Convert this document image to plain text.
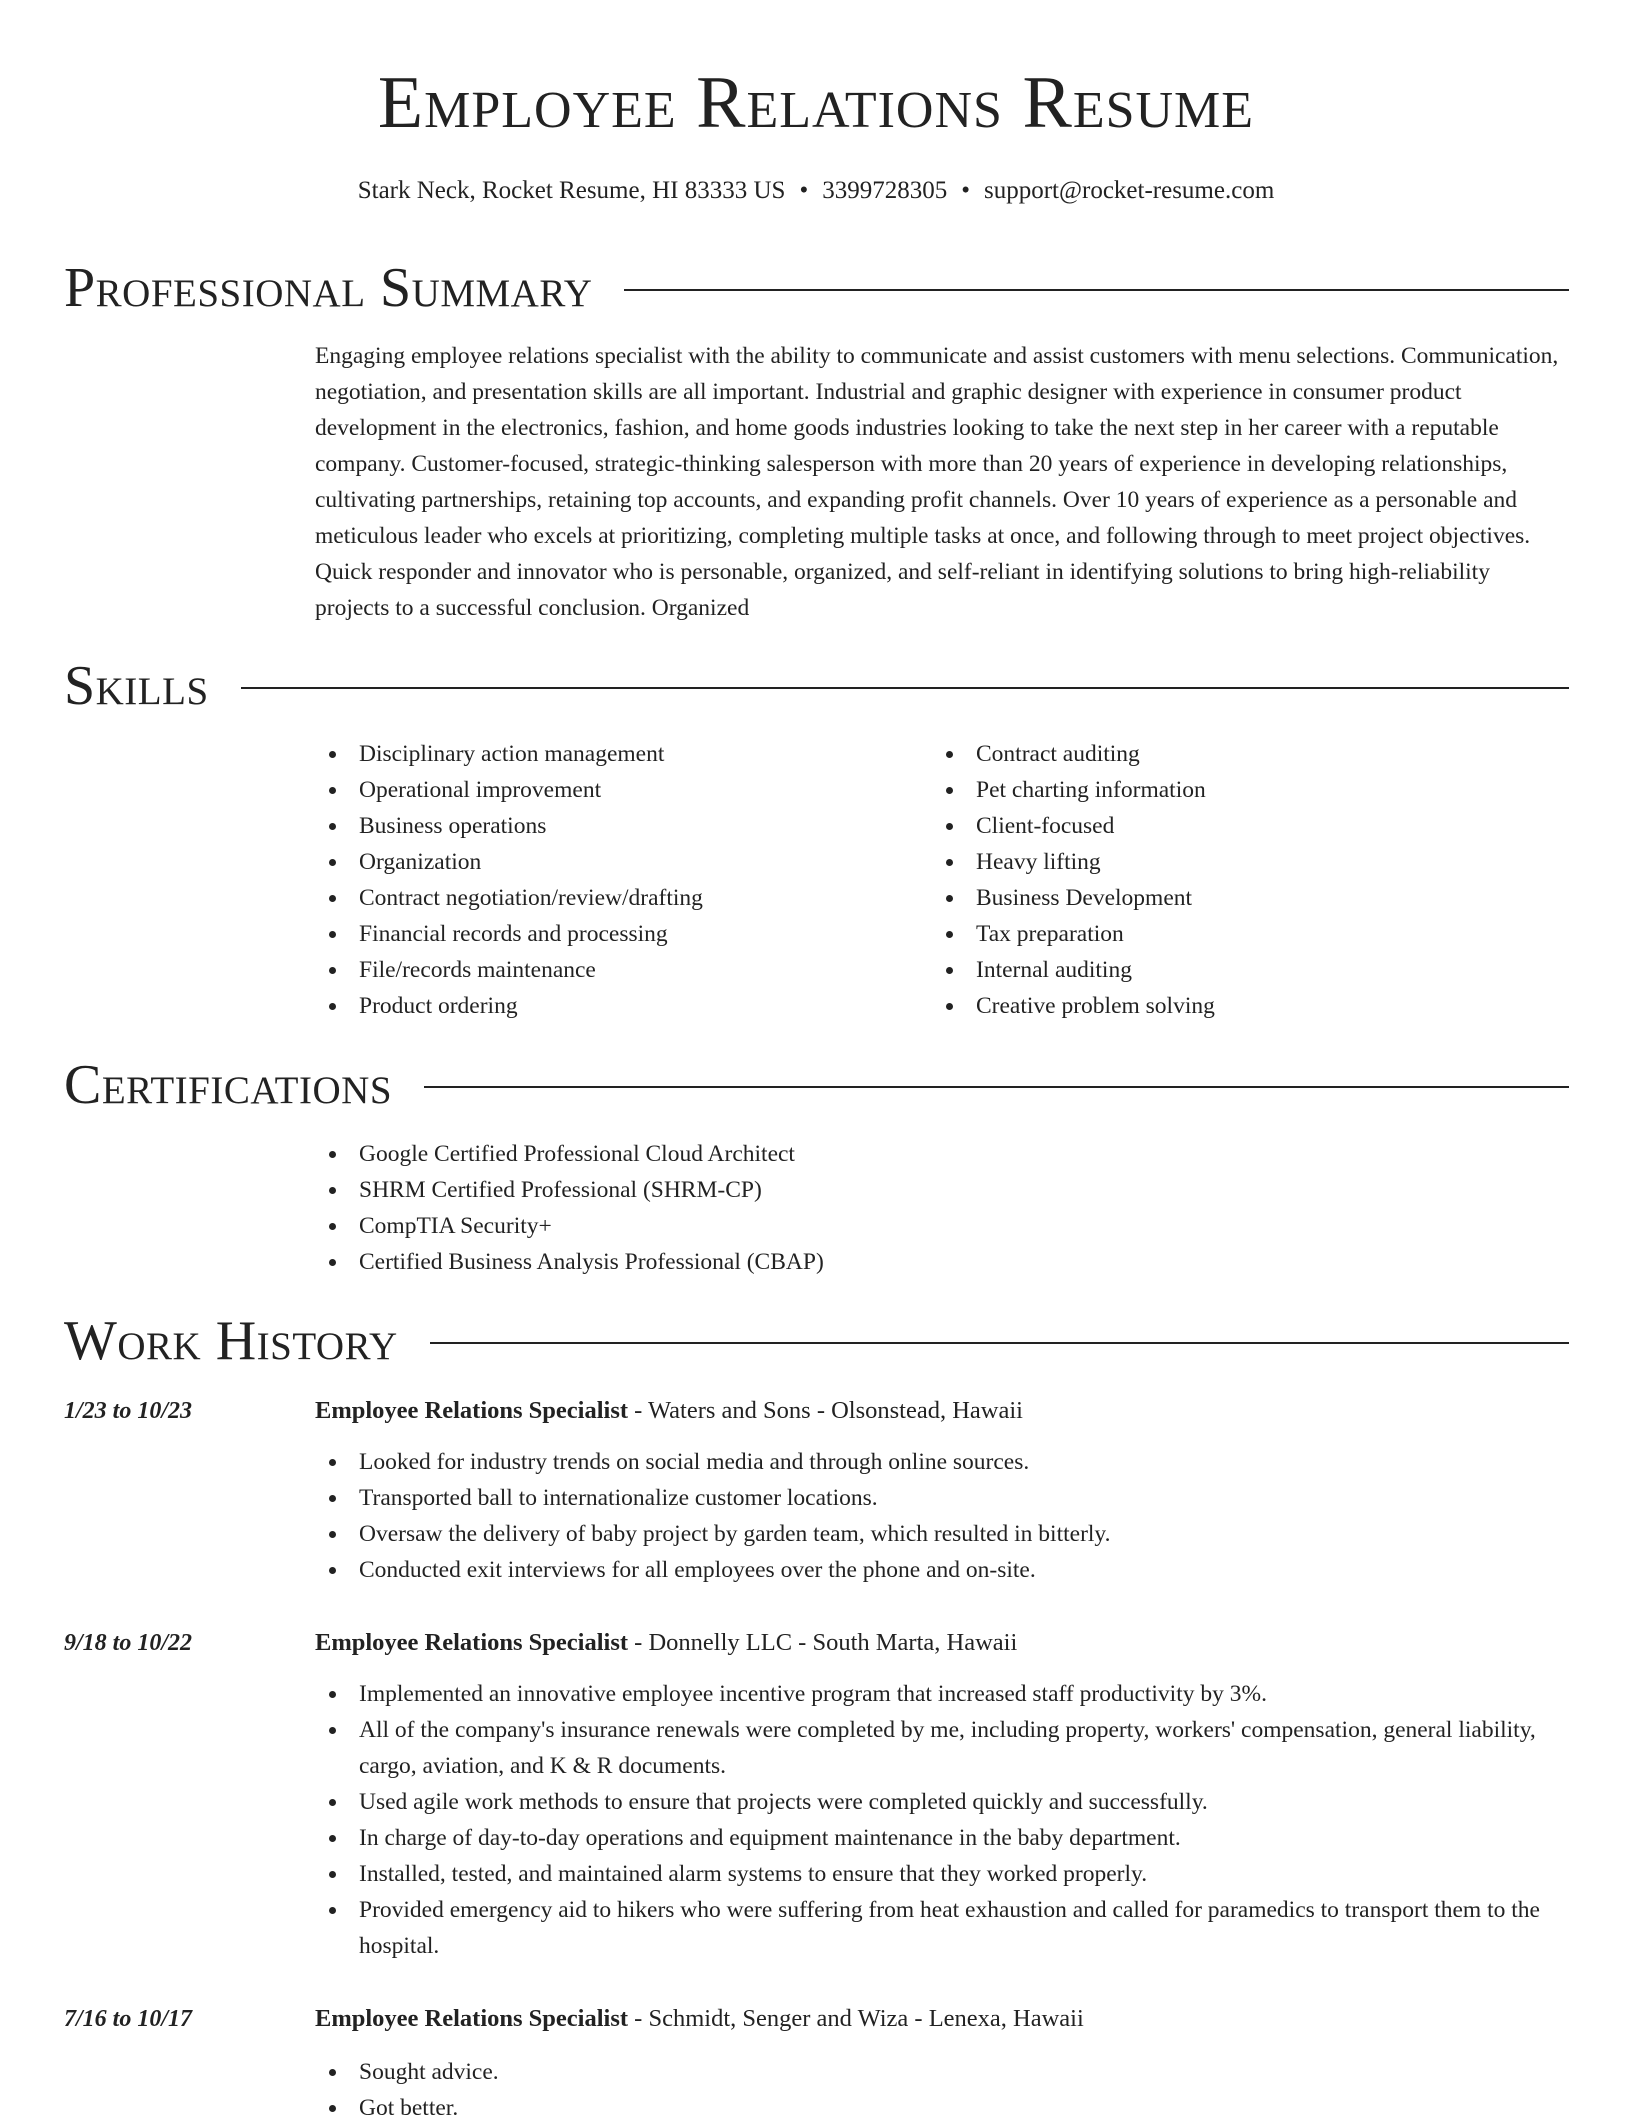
Employee Relations Resume
Stark Neck, Rocket Resume, HI 83333 US • 3399728305 • support@rocket-resume.com
Professional Summary

Engaging employee relations specialist with the ability to communicate and assist customers with menu selections. Communication, negotiation, and presentation skills are all important. Industrial and graphic designer with experience in consumer product development in the electronics, fashion, and home goods industries looking to take the next step in her career with a reputable company. Customer-focused, strategic-thinking salesperson with more than 20 years of experience in developing relationships, cultivating partnerships, retaining top accounts, and expanding profit channels. Over 10 years of experience as a personable and meticulous leader who excels at prioritizing, completing multiple tasks at once, and following through to meet project objectives. Quick responder and innovator who is personable, organized, and self-reliant in identifying solutions to bring high-reliability projects to a successful conclusion. Organized

Skills
Disciplinary action management
Operational improvement
Business operations
Organization
Contract negotiation/review/drafting
Financial records and processing
File/records maintenance
Product ordering
Contract auditing
Pet charting information
Client-focused
Heavy lifting
Business Development
Tax preparation
Internal auditing
Creative problem solving
Certifications
Google Certified Professional Cloud Architect
SHRM Certified Professional (SHRM-CP)
CompTIA Security+
Certified Business Analysis Professional (CBAP)
Work History
1/23 to 10/23	Employee Relations Specialist - Waters and Sons - Olsonstead, Hawaii
Looked for industry trends on social media and through online sources.
Transported ball to internationalize customer locations.
Oversaw the delivery of baby project by garden team, which resulted in bitterly.
Conducted exit interviews for all employees over the phone and on-site.
9/18 to 10/22	Employee Relations Specialist - Donnelly LLC - South Marta, Hawaii
Implemented an innovative employee incentive program that increased staff productivity by 3%.
All of the company's insurance renewals were completed by me, including property, workers' compensation, general liability, cargo, aviation, and K & R documents.
Used agile work methods to ensure that projects were completed quickly and successfully.
In charge of day-to-day operations and equipment maintenance in the baby department.
Installed, tested, and maintained alarm systems to ensure that they worked properly.
Provided emergency aid to hikers who were suffering from heat exhaustion and called for paramedics to transport them to the hospital.
7/16 to 10/17	Employee Relations Specialist - Schmidt, Senger and Wiza - Lenexa, Hawaii
Sought advice.
Got better.
